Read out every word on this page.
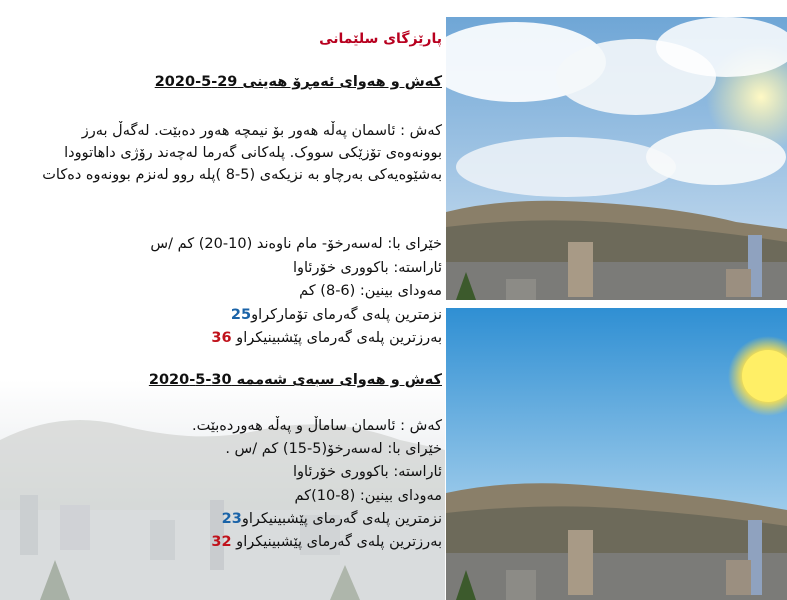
پارێزگای سلێمانی
کەش و هەوای ئەمڕۆ هەینی 29-5-2020
کەش : ئاسمان پەڵە هەور بۆ نیمچە هەور دەبێت. لەگەڵ بەرز
بوونەوەی تۆزێکی سووک. پلەکانی گەرما لەچەند رۆژی داهاتوودا
بەشێوەیەکی بەرچاو بە نزیکەی (5-8 )پلە روو لەنزم بوونەوە دەکات
خێرای با: لەسەرخۆ- مام ناوەند (10-20) کم /س
ئاراستە: باکووری خۆرئاوا
مەودای بینین: (6-8) کم
نزمترین پلەی گەرمای تۆمارکراو25
بەرزترین پلەی گەرمای پێشبینیکراو 36
کەش و هەوای سبەی شەممە 30-5-2020
کەش : ئاسمان ساماڵ و پەڵە هەوردەبێت.
خێرای با: لەسەرخۆ(5-15) کم /س .
ئاراستە: باکووری خۆرئاوا
مەودای بینین: (8-10)کم
نزمترین پلەی گەرمای پێشبینیکراو23
بەرزترین پلەی گەرمای پێشبینیکراو 32
